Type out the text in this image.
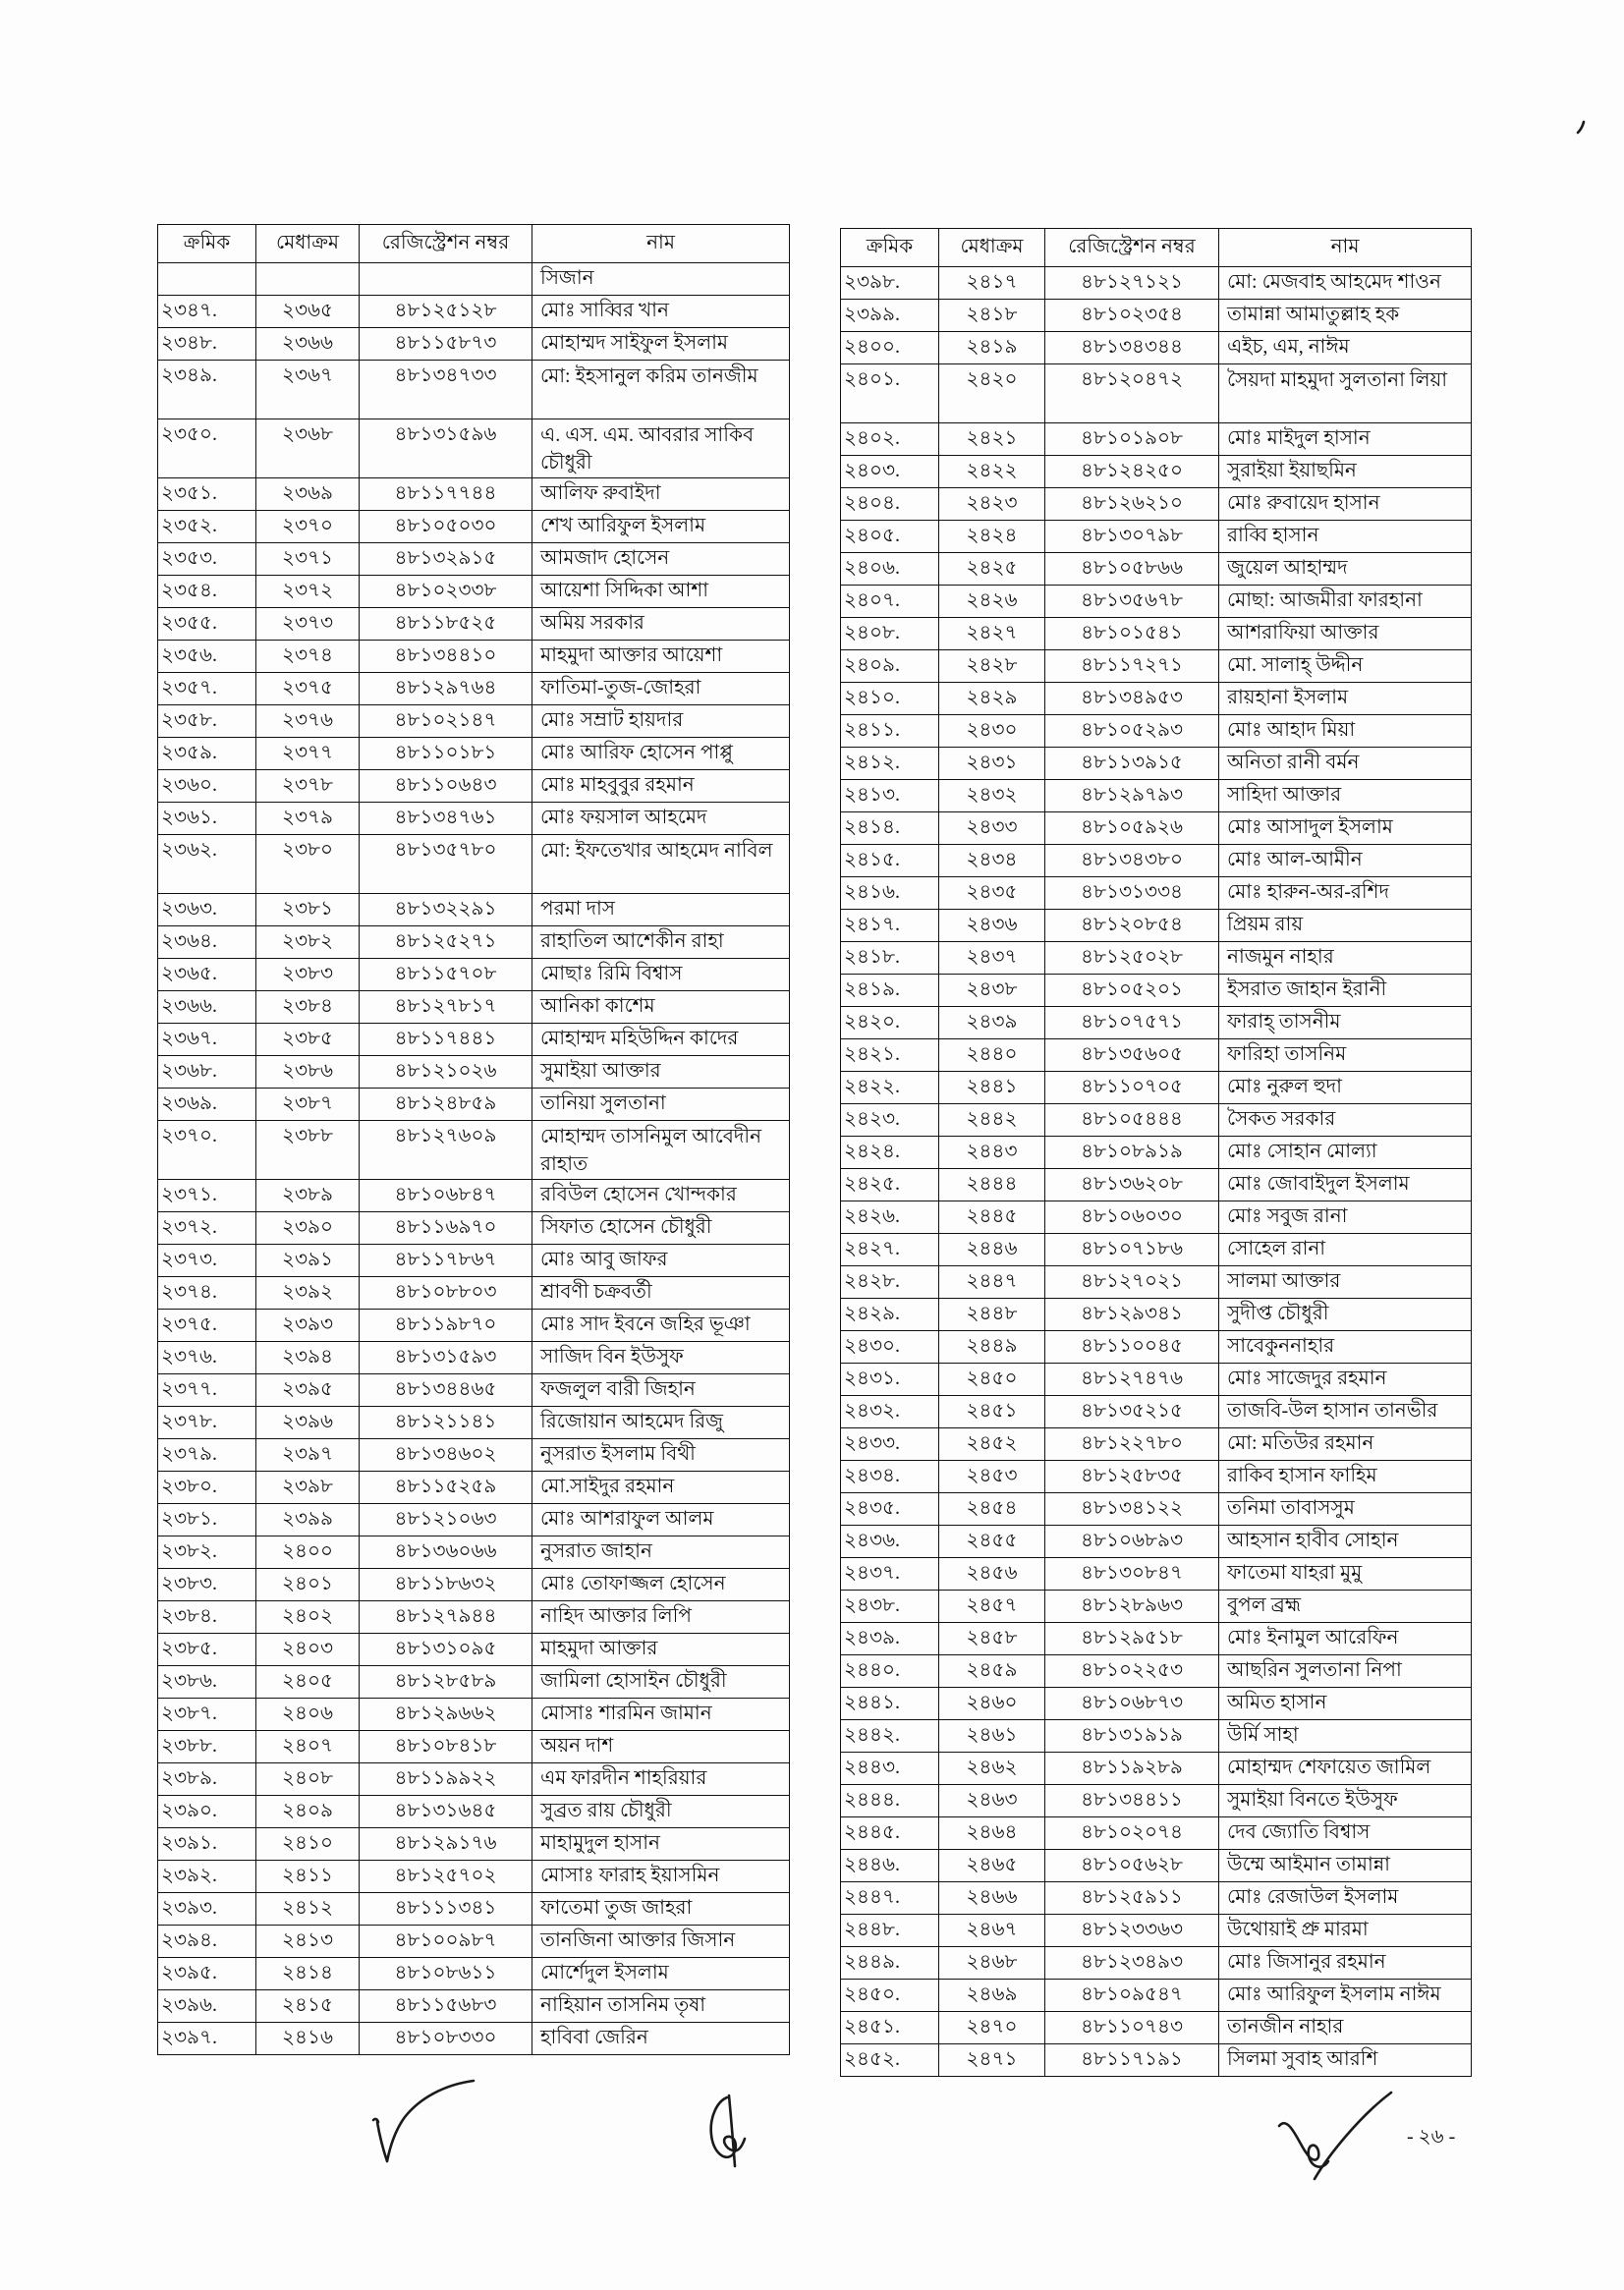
ক্রমিক	মেধাক্রম	রেজিস্ট্রেশন নম্বর	নাম
			সিজান
২৩৪৭.	২৩৬৫	৪৮১২৫১২৮	মোঃ সাব্বির খান
২৩৪৮.	২৩৬৬	৪৮১১৫৮৭৩	মোহাম্মদ সাইফুল ইসলাম
২৩৪৯.	২৩৬৭	৪৮১৩৪৭৩৩	মো: ইহসানুল করিম তানজীম
২৩৫০.	২৩৬৮	৪৮১৩১৫৯৬	এ. এস. এম. আবরার সাকিব চৌধুরী
২৩৫১.	২৩৬৯	৪৮১১৭৭৪৪	আলিফ রুবাইদা
২৩৫২.	২৩৭০	৪৮১০৫০৩০	শেখ আরিফুল ইসলাম
২৩৫৩.	২৩৭১	৪৮১৩২৯১৫	আমজাদ হোসেন
২৩৫৪.	২৩৭২	৪৮১০২৩৩৮	আয়েশা সিদ্দিকা আশা
২৩৫৫.	২৩৭৩	৪৮১১৮৫২৫	অমিয় সরকার
২৩৫৬.	২৩৭৪	৪৮১৩৪৪১০	মাহমুদা আক্তার আয়েশা
২৩৫৭.	২৩৭৫	৪৮১২৯৭৬৪	ফাতিমা-তুজ-জোহরা
২৩৫৮.	২৩৭৬	৪৮১০২১৪৭	মোঃ সম্রাট হায়দার
২৩৫৯.	২৩৭৭	৪৮১১০১৮১	মোঃ আরিফ হোসেন পাপ্পু
২৩৬০.	২৩৭৮	৪৮১১০৬৪৩	মোঃ মাহবুবুর রহমান
২৩৬১.	২৩৭৯	৪৮১৩৪৭৬১	মোঃ ফয়সাল আহমেদ
২৩৬২.	২৩৮০	৪৮১৩৫৭৮০	মো: ইফতেখার আহমেদ নাবিল
২৩৬৩.	২৩৮১	৪৮১৩২২৯১	পরমা দাস
২৩৬৪.	২৩৮২	৪৮১২৫২৭১	রাহাতিল আশেকীন রাহা
২৩৬৫.	২৩৮৩	৪৮১১৫৭০৮	মোছাঃ রিমি বিশ্বাস
২৩৬৬.	২৩৮৪	৪৮১২৭৮১৭	আনিকা কাশেম
২৩৬৭.	২৩৮৫	৪৮১১৭৪৪১	মোহাম্মদ মহিউদ্দিন কাদের
২৩৬৮.	২৩৮৬	৪৮১২১০২৬	সুমাইয়া আক্তার
২৩৬৯.	২৩৮৭	৪৮১২৪৮৫৯	তানিয়া সুলতানা
২৩৭০.	২৩৮৮	৪৮১২৭৬০৯	মোহাম্মদ তাসনিমুল আবেদীন রাহাত
২৩৭১.	২৩৮৯	৪৮১০৬৮৪৭	রবিউল হোসেন খোন্দকার
২৩৭২.	২৩৯০	৪৮১১৬৯৭০	সিফাত হোসেন চৌধুরী
২৩৭৩.	২৩৯১	৪৮১১৭৮৬৭	মোঃ আবু জাফর
২৩৭৪.	২৩৯২	৪৮১০৮৮০৩	শ্রাবণী চক্রবর্তী
২৩৭৫.	২৩৯৩	৪৮১১৯৮৭০	মোঃ সাদ ইবনে জহির ভূঞা
২৩৭৬.	২৩৯৪	৪৮১৩১৫৯৩	সাজিদ বিন ইউসুফ
২৩৭৭.	২৩৯৫	৪৮১৩৪৪৬৫	ফজলুল বারী জিহান
২৩৭৮.	২৩৯৬	৪৮১২১১৪১	রিজোয়ান আহমেদ রিজু
২৩৭৯.	২৩৯৭	৪৮১৩৪৬০২	নুসরাত ইসলাম বিথী
২৩৮০.	২৩৯৮	৪৮১১৫২৫৯	মো.সাইদুর রহমান
২৩৮১.	২৩৯৯	৪৮১২১০৬৩	মোঃ আশরাফুল আলম
২৩৮২.	২৪০০	৪৮১৩৬০৬৬	নুসরাত জাহান
২৩৮৩.	২৪০১	৪৮১১৮৬৩২	মোঃ তোফাজ্জল হোসেন
২৩৮৪.	২৪০২	৪৮১২৭৯৪৪	নাহিদ আক্তার লিপি
২৩৮৫.	২৪০৩	৪৮১৩১০৯৫	মাহমুদা আক্তার
২৩৮৬.	২৪০৫	৪৮১২৮৫৮৯	জামিলা হোসাইন চৌধুরী
২৩৮৭.	২৪০৬	৪৮১২৯৬৬২	মোসাঃ শারমিন জামান
২৩৮৮.	২৪০৭	৪৮১০৮৪১৮	অয়ন দাশ
২৩৮৯.	২৪০৮	৪৮১১৯৯২২	এম ফারদীন শাহরিয়ার
২৩৯০.	২৪০৯	৪৮১৩১৬৪৫	সুব্রত রায় চৌধুরী
২৩৯১.	২৪১০	৪৮১২৯১৭৬	মাহামুদুল হাসান
২৩৯২.	২৪১১	৪৮১২৫৭০২	মোসাঃ ফারাহ ইয়াসমিন
২৩৯৩.	২৪১২	৪৮১১১৩৪১	ফাতেমা তুজ জাহরা
২৩৯৪.	২৪১৩	৪৮১০০৯৮৭	তানজিনা আক্তার জিসান
২৩৯৫.	২৪১৪	৪৮১০৮৬১১	মোর্শেদুল ইসলাম
২৩৯৬.	২৪১৫	৪৮১১৫৬৮৩	নাহিয়ান তাসনিম তৃষা
২৩৯৭.	২৪১৬	৪৮১০৮৩৩০	হাবিবা জেরিন
ক্রমিক	মেধাক্রম	রেজিস্ট্রেশন নম্বর	নাম
২৩৯৮.	২৪১৭	৪৮১২৭১২১	মো: মেজবাহ আহমেদ শাওন
২৩৯৯.	২৪১৮	৪৮১০২৩৫৪	তামান্না আমাতুল্লাহ হক
২৪০০.	২৪১৯	৪৮১৩৪৩৪৪	এইচ, এম, নাঈম
২৪০১.	২৪২০	৪৮১২০৪৭২	সৈয়দা মাহমুদা সুলতানা লিয়া
২৪০২.	২৪২১	৪৮১০১৯০৮	মোঃ মাইদুল হাসান
২৪০৩.	২৪২২	৪৮১২৪২৫০	সুরাইয়া ইয়াছমিন
২৪০৪.	২৪২৩	৪৮১২৬২১০	মোঃ রুবায়েদ হাসান
২৪০৫.	২৪২৪	৪৮১৩০৭৯৮	রাব্বি হাসান
২৪০৬.	২৪২৫	৪৮১০৫৮৬৬	জুয়েল আহাম্মদ
২৪০৭.	২৪২৬	৪৮১৩৫৬৭৮	মোছা: আজমীরা ফারহানা
২৪০৮.	২৪২৭	৪৮১০১৫৪১	আশরাফিয়া আক্তার
২৪০৯.	২৪২৮	৪৮১১৭২৭১	মো. সালাহ্ উদ্দীন
২৪১০.	২৪২৯	৪৮১৩৪৯৫৩	রায়হানা ইসলাম
২৪১১.	২৪৩০	৪৮১০৫২৯৩	মোঃ আহাদ মিয়া
২৪১২.	২৪৩১	৪৮১১৩৯১৫	অনিতা রানী বর্মন
২৪১৩.	২৪৩২	৪৮১২৯৭৯৩	সাহিদা আক্তার
২৪১৪.	২৪৩৩	৪৮১০৫৯২৬	মোঃ আসাদুল ইসলাম
২৪১৫.	২৪৩৪	৪৮১৩৪৩৮০	মোঃ আল-আমীন
২৪১৬.	২৪৩৫	৪৮১৩১৩৩৪	মোঃ হারুন-অর-রশিদ
২৪১৭.	২৪৩৬	৪৮১২০৮৫৪	প্রিয়ম রায়
২৪১৮.	২৪৩৭	৪৮১২৫০২৮	নাজমুন নাহার
২৪১৯.	২৪৩৮	৪৮১০৫২০১	ইসরাত জাহান ইরানী
২৪২০.	২৪৩৯	৪৮১০৭৫৭১	ফারাহ্ তাসনীম
২৪২১.	২৪৪০	৪৮১৩৫৬০৫	ফারিহা তাসনিম
২৪২২.	২৪৪১	৪৮১১০৭০৫	মোঃ নুরুল হুদা
২৪২৩.	২৪৪২	৪৮১০৫৪৪৪	সৈকত সরকার
২৪২৪.	২৪৪৩	৪৮১০৮৯১৯	মোঃ সোহান মোল্যা
২৪২৫.	২৪৪৪	৪৮১৩৬২০৮	মোঃ জোবাইদুল ইসলাম
২৪২৬.	২৪৪৫	৪৮১০৬০৩০	মোঃ সবুজ রানা
২৪২৭.	২৪৪৬	৪৮১০৭১৮৬	সোহেল রানা
২৪২৮.	২৪৪৭	৪৮১২৭০২১	সালমা আক্তার
২৪২৯.	২৪৪৮	৪৮১২৯৩৪১	সুদীপ্ত চৌধুরী
২৪৩০.	২৪৪৯	৪৮১১০০৪৫	সাবেকুননাহার
২৪৩১.	২৪৫০	৪৮১২৭৪৭৬	মোঃ সাজেদুর রহমান
২৪৩২.	২৪৫১	৪৮১৩৫২১৫	তাজবি-উল হাসান তানভীর
২৪৩৩.	২৪৫২	৪৮১২২৭৮০	মো: মতিউর রহমান
২৪৩৪.	২৪৫৩	৪৮১২৫৮৩৫	রাকিব হাসান ফাহিম
২৪৩৫.	২৪৫৪	৪৮১৩৪১২২	তনিমা তাবাসসুম
২৪৩৬.	২৪৫৫	৪৮১০৬৮৯৩	আহসান হাবীব সোহান
২৪৩৭.	২৪৫৬	৪৮১৩০৮৪৭	ফাতেমা যাহরা মুমু
২৪৩৮.	২৪৫৭	৪৮১২৮৯৬৩	বুপল ব্রহ্ম
২৪৩৯.	২৪৫৮	৪৮১২৯৫১৮	মোঃ ইনামুল আরেফিন
২৪৪০.	২৪৫৯	৪৮১০২২৫৩	আছরিন সুলতানা নিপা
২৪৪১.	২৪৬০	৪৮১০৬৮৭৩	অমিত হাসান
২৪৪২.	২৪৬১	৪৮১৩১৯১৯	উর্মি সাহা
২৪৪৩.	২৪৬২	৪৮১১৯২৮৯	মোহাম্মদ শেফায়েত জামিল
২৪৪৪.	২৪৬৩	৪৮১৩৪৪১১	সুমাইয়া বিনতে ইউসুফ
২৪৪৫.	২৪৬৪	৪৮১০২০৭৪	দেব জ্যোতি বিশ্বাস
২৪৪৬.	২৪৬৫	৪৮১০৫৬২৮	উম্মে আইমান তামান্না
২৪৪৭.	২৪৬৬	৪৮১২৫৯১১	মোঃ রেজাউল ইসলাম
২৪৪৮.	২৪৬৭	৪৮১২৩৩৬৩	উথোয়াই প্রু মারমা
২৪৪৯.	২৪৬৮	৪৮১২৩৪৯৩	মোঃ জিসানুর রহমান
২৪৫০.	২৪৬৯	৪৮১০৯৫৪৭	মোঃ আরিফুল ইসলাম নাঈম
২৪৫১.	২৪৭০	৪৮১১০৭৪৩	তানজীন নাহার
২৪৫২.	২৪৭১	৪৮১১৭১৯১	সিলমা সুবাহ আরশি
- ২৬ -
